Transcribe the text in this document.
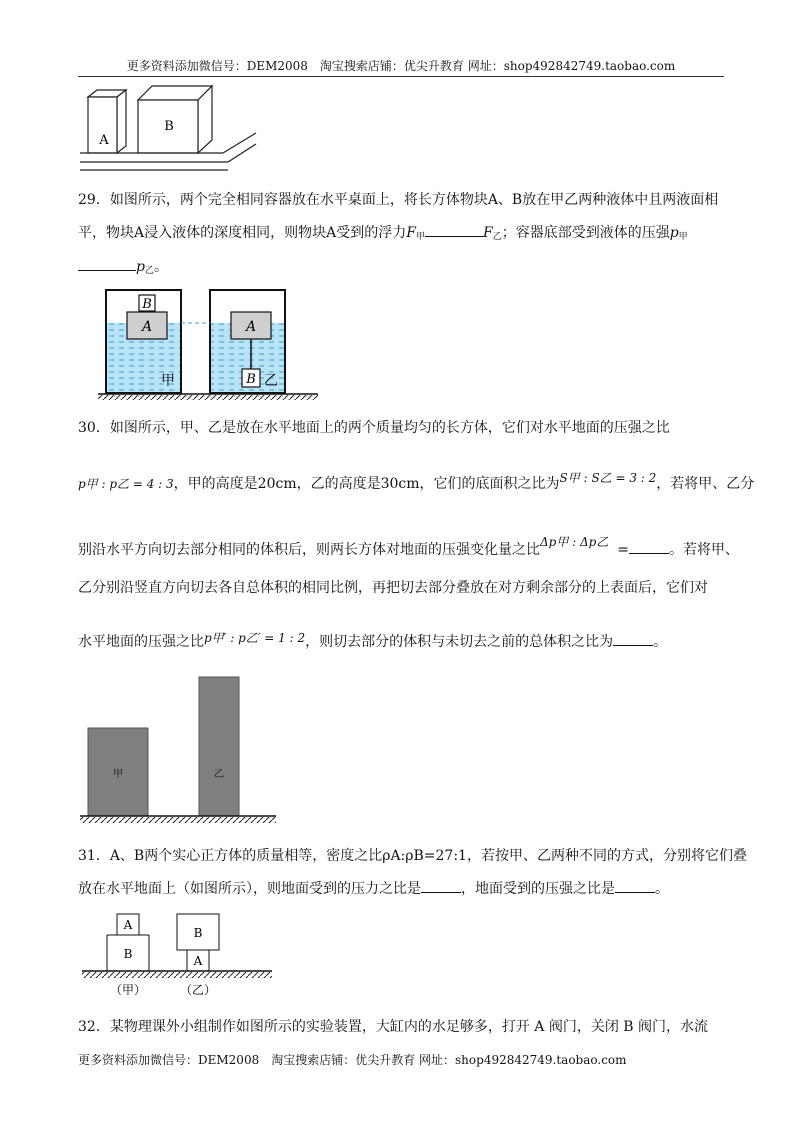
更多资料添加微信号：DEM2008　淘宝搜索店铺：优尖升教育 网址：shop492842749.taobao.com
A
B
29．如图所示，两个完全相同容器放在水平桌面上，将长方体物块A、B放在甲乙两种液体中且两液面相
平，物块A浸入液体的深度相同，则物块A受到的浮力$F_甲$	$F_乙$；容器底部受到液体的压强$p_甲$
$p_乙$。
B
A
甲
A
B 乙
30．如图所示，甲、乙是放在水平地面上的两个质量均匀的长方体，它们对水平地面的压强之比
p甲 : p乙 = 4 : 3，甲的高度是20cm，乙的高度是30cm，它们的底面积之比为S甲 : S乙 = 3 : 2，若将甲、乙分
别沿水平方向切去部分相同的体积后，则两长方体对地面的压强变化量之比Δp甲 : Δp乙 =	。若将甲、
乙分别沿竖直方向切去各自总体积的相同比例，再把切去部分叠放在对方剩余部分的上表面后，它们对
水平地面的压强之比p甲′ : p乙′ = 1 : 2，则切去部分的体积与未切去之前的总体积之比为	。
甲	乙
31．A、B两个实心正方体的质量相等，密度之比ρA:ρB=27:1，若按甲、乙两种不同的方式，分别将它们叠
放在水平地面上（如图所示），则地面受到的压力之比是	，地面受到的压强之比是	。
A
B
B
A
（甲）	（乙）
32．某物理课外小组制作如图所示的实验装置，大缸内的水足够多，打开 A 阀门，关闭 B 阀门，水流
更多资料添加微信号：DEM2008　淘宝搜索店铺：优尖升教育 网址：shop492842749.taobao.com
